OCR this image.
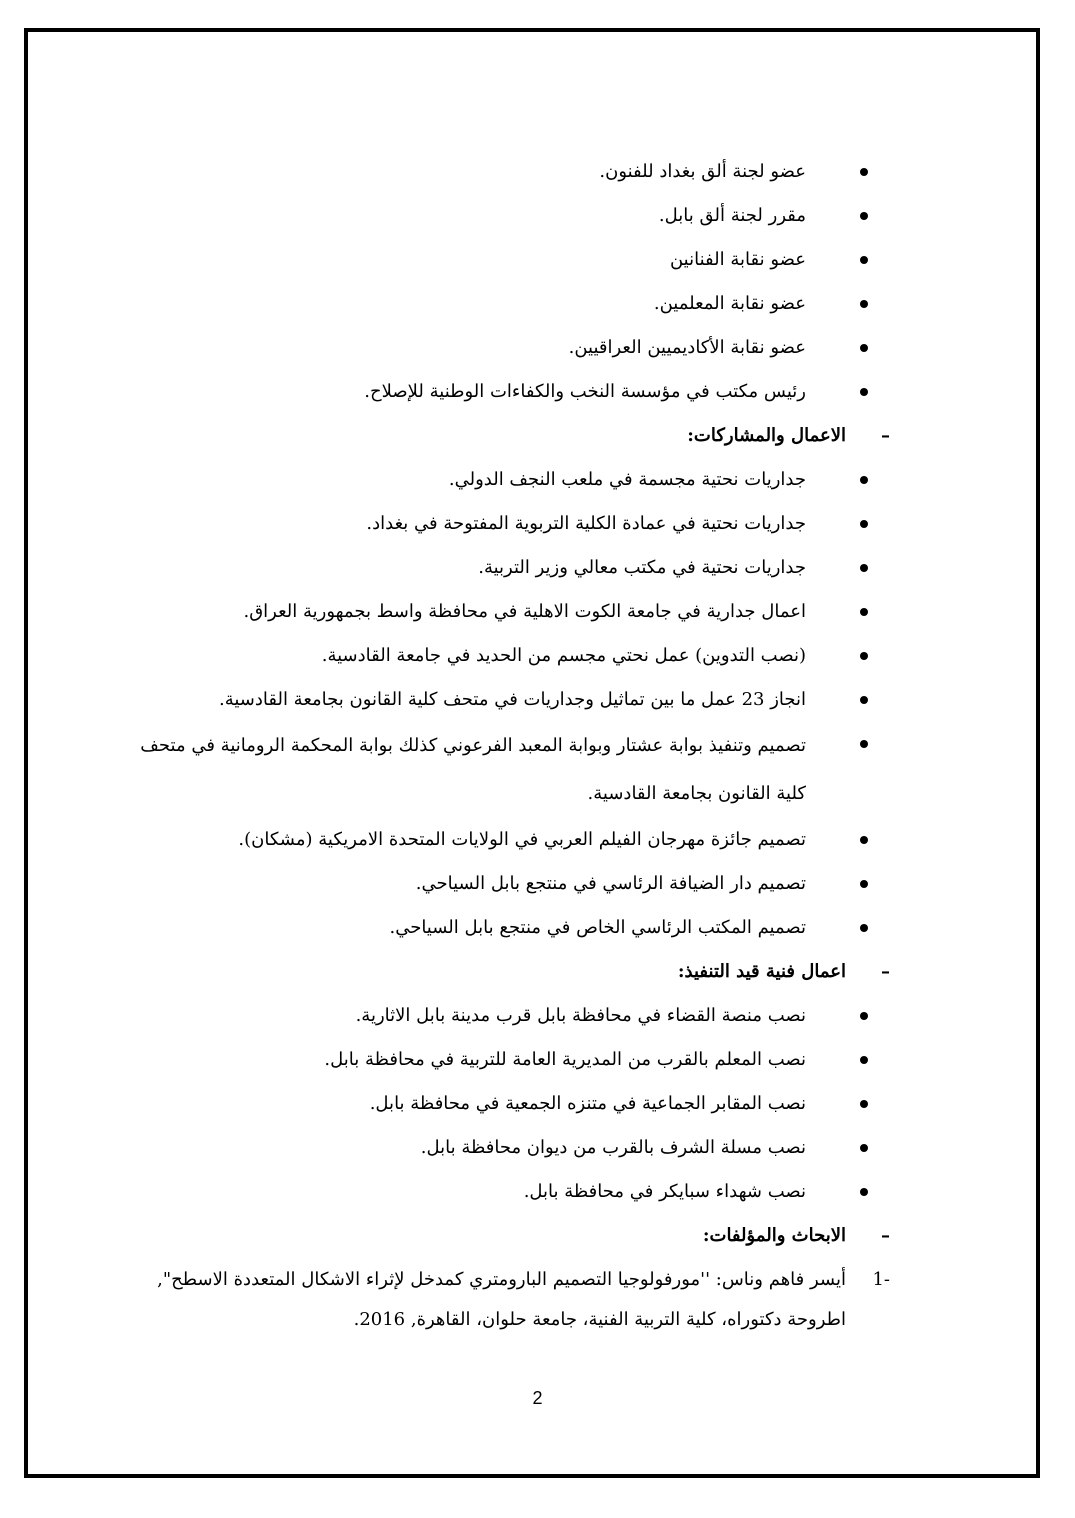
عضو لجنة ألق بغداد للفنون.
مقرر لجنة ألق بابل.
عضو نقابة الفنانين
عضو نقابة المعلمين.
عضو نقابة الأكاديميين العراقيين.
رئيس مكتب في مؤسسة النخب والكفاءات الوطنية للإصلاح.
–
الاعمال والمشاركات:
جداريات نحتية مجسمة في ملعب النجف الدولي.
جداريات نحتية في عمادة الكلية التربوية المفتوحة في بغداد.
جداريات نحتية في مكتب معالي وزير التربية.
اعمال جدارية في جامعة الكوت الاهلية في محافظة واسط بجمهورية العراق.
(نصب التدوين) عمل نحتي مجسم من الحديد في جامعة القادسية.
انجاز 23 عمل ما بين تماثيل وجداريات في متحف كلية القانون بجامعة القادسية.
تصميم وتنفيذ بوابة عشتار وبوابة المعبد الفرعوني كذلك بوابة المحكمة الرومانية في متحف كلية القانون بجامعة القادسية.
تصميم جائزة مهرجان الفيلم العربي في الولايات المتحدة الامريكية (مشكان).
تصميم دار الضيافة الرئاسي في منتجع بابل السياحي.
تصميم المكتب الرئاسي الخاص في منتجع بابل السياحي.
–
اعمال فنية قيد التنفيذ:
نصب منصة القضاء في محافظة بابل قرب مدينة بابل الاثارية.
نصب المعلم بالقرب من المديرية العامة للتربية في محافظة بابل.
نصب المقابر الجماعية في متنزه الجمعية في محافظة بابل.
نصب مسلة الشرف بالقرب من ديوان محافظة بابل.
نصب شهداء سبايكر في محافظة بابل.
–
الابحاث والمؤلفات:
1-
أيسر فاهم وناس: ''مورفولوجيا التصميم البارومتري كمدخل لإثراء الاشكال المتعددة الاسطح", اطروحة دكتوراه، كلية التربية الفنية، جامعة حلوان، القاهرة, 2016.
2
